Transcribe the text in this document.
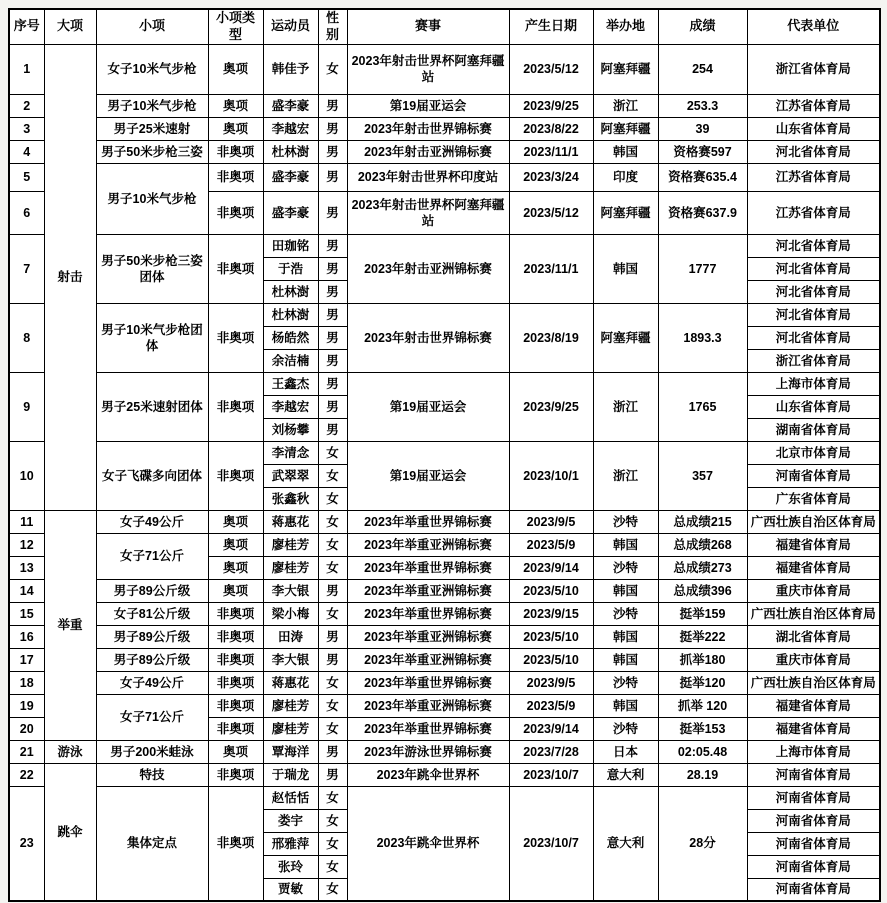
序号	大项	小项	小项类型	运动员	性别	赛事	产生日期	举办地	成绩	代表单位
1	射击	女子10米气步枪	奥项	韩佳予	女	2023年射击世界杯阿塞拜疆站	2023/5/12	阿塞拜疆	254	浙江省体育局
2		男子10米气步枪	奥项	盛李豪	男	第19届亚运会	2023/9/25	浙江	253.3	江苏省体育局
3		男子25米速射	奥项	李越宏	男	2023年射击世界锦标赛	2023/8/22	阿塞拜疆	39	山东省体育局
4		男子50米步枪三姿	非奥项	杜林澍	男	2023年射击亚洲锦标赛	2023/11/1	韩国	资格赛597	河北省体育局
5		男子10米气步枪	非奥项	盛李豪	男	2023年射击世界杯印度站	2023/3/24	印度	资格赛635.4	江苏省体育局
6			非奥项	盛李豪	男	2023年射击世界杯阿塞拜疆站	2023/5/12	阿塞拜疆	资格赛637.9	江苏省体育局
7		男子50米步枪三姿团体	非奥项	田珈铭	男	2023年射击亚洲锦标赛	2023/11/1	韩国	1777	河北省体育局
				于浩	男					河北省体育局
				杜林澍	男					河北省体育局
8		男子10米气步枪团体	非奥项	杜林澍	男	2023年射击世界锦标赛	2023/8/19	阿塞拜疆	1893.3	河北省体育局
				杨皓然	男					河北省体育局
				余洁楠	男					浙江省体育局
9		男子25米速射团体	非奥项	王鑫杰	男	第19届亚运会	2023/9/25	浙江	1765	上海市体育局
				李越宏	男					山东省体育局
				刘杨攀	男					湖南省体育局
10		女子飞碟多向团体	非奥项	李清念	女	第19届亚运会	2023/10/1	浙江	357	北京市体育局
				武翠翠	女					河南省体育局
				张鑫秋	女					广东省体育局
11	举重	女子49公斤	奥项	蒋惠花	女	2023年举重世界锦标赛	2023/9/5	沙特	总成绩215	广西壮族自治区体育局
12		女子71公斤	奥项	廖桂芳	女	2023年举重亚洲锦标赛	2023/5/9	韩国	总成绩268	福建省体育局
13			奥项	廖桂芳	女	2023年举重世界锦标赛	2023/9/14	沙特	总成绩273	福建省体育局
14		男子89公斤级	奥项	李大银	男	2023年举重亚洲锦标赛	2023/5/10	韩国	总成绩396	重庆市体育局
15		女子81公斤级	非奥项	梁小梅	女	2023年举重世界锦标赛	2023/9/15	沙特	挺举159	广西壮族自治区体育局
16		男子89公斤级	非奥项	田涛	男	2023年举重亚洲锦标赛	2023/5/10	韩国	挺举222	湖北省体育局
17		男子89公斤级	非奥项	李大银	男	2023年举重亚洲锦标赛	2023/5/10	韩国	抓举180	重庆市体育局
18		女子49公斤	非奥项	蒋惠花	女	2023年举重世界锦标赛	2023/9/5	沙特	挺举120	广西壮族自治区体育局
19		女子71公斤	非奥项	廖桂芳	女	2023年举重亚洲锦标赛	2023/5/9	韩国	抓举 120	福建省体育局
20			非奥项	廖桂芳	女	2023年举重世界锦标赛	2023/9/14	沙特	挺举153	福建省体育局
21	游泳	男子200米蛙泳	奥项	覃海洋	男	2023年游泳世界锦标赛	2023/7/28	日本	02:05.48	上海市体育局
22	跳伞	特技	非奥项	于瑞龙	男	2023年跳伞世界杯	2023/10/7	意大利	28.19	河南省体育局
23		集体定点	非奥项	赵恬恬	女	2023年跳伞世界杯	2023/10/7	意大利	28分	河南省体育局
				娄宇	女					河南省体育局
				邢雅萍	女					河南省体育局
				张玲	女					河南省体育局
				贾敏	女					河南省体育局
